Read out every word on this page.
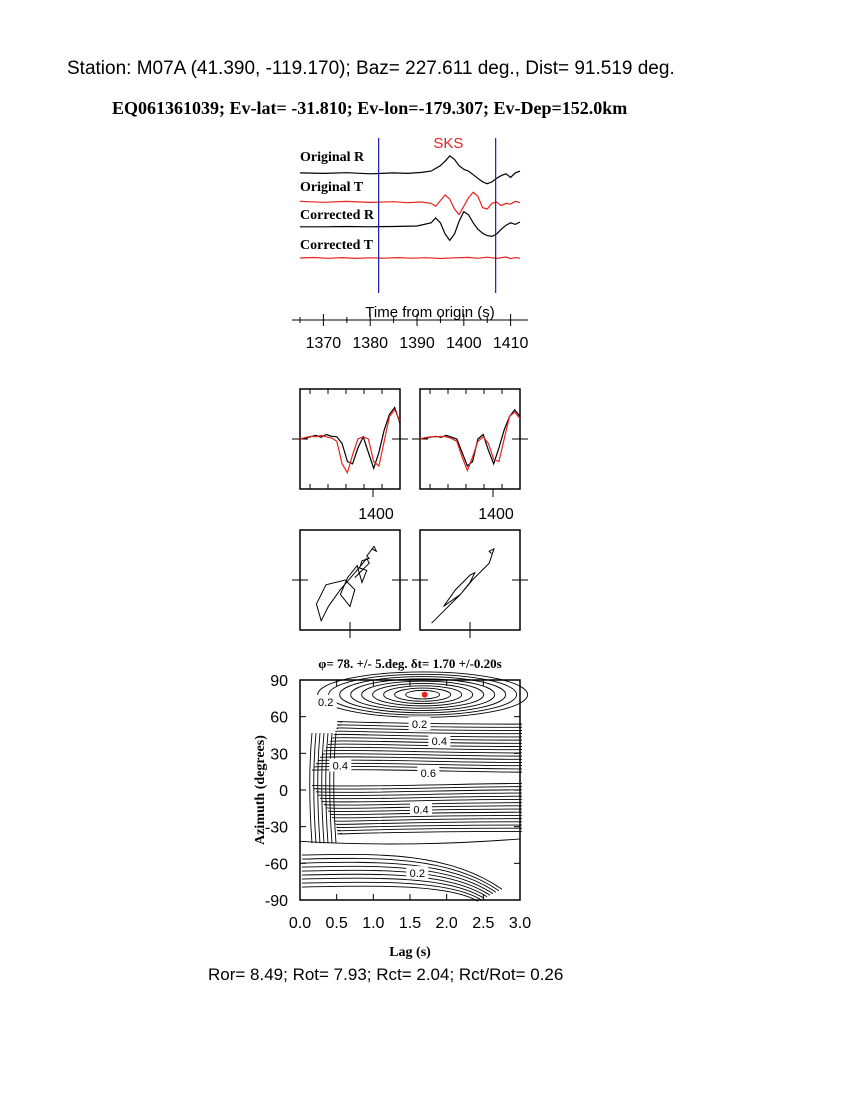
Station: M07A (41.390, -119.170); Baz= 227.611 deg., Dist= 91.519 deg.
EQ061361039; Ev-lat= -31.810; Ev-lon=-179.307; Ev-Dep=152.0km
Original R
Original T
Corrected R
Corrected T
SKS
1370 1380 1390 1400 1410
Time from origin (s)
1400	1400
0.2
0.2
0.4
0.4
0.6
0.4
0.2
0.0 0.5 1.0 1.5 2.0 2.5 3.0
90
60
30
0
-30
-60
-90
φ= 78. +/- 5.deg. δt= 1.70 +/-0.20s
Lag (s)
Azimuth (degrees)
Ror= 8.49; Rot= 7.93; Rct= 2.04; Rct/Rot= 0.26
